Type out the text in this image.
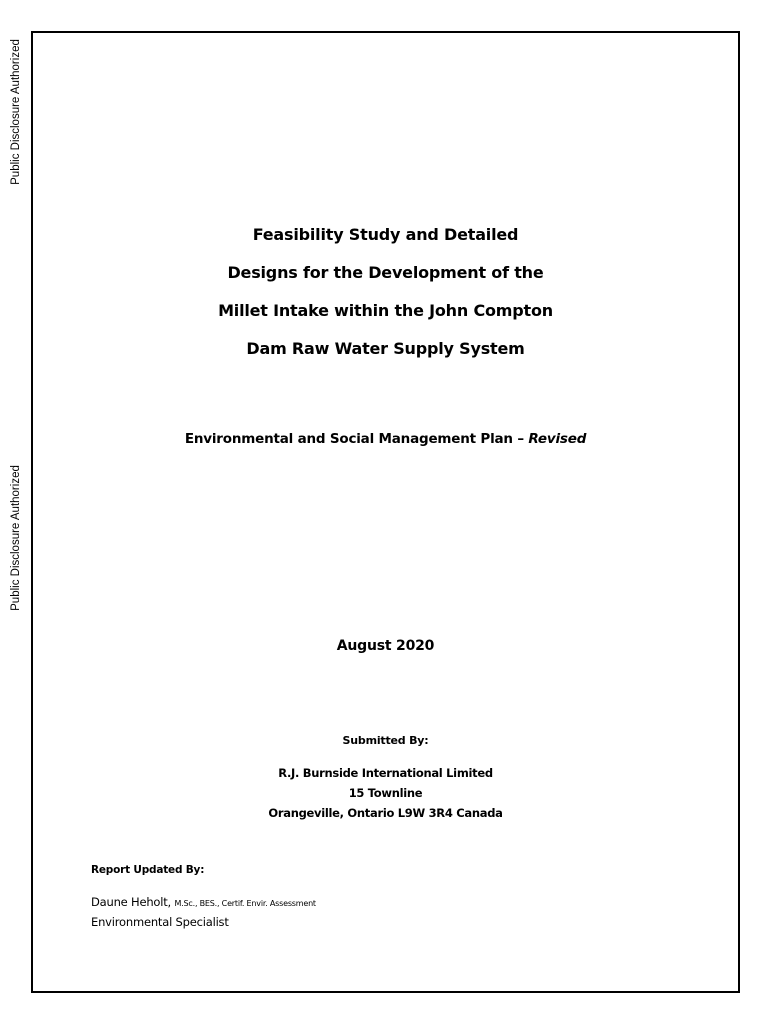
Public Disclosure Authorized
Public Disclosure Authorized
Feasibility Study and Detailed
Designs for the Development of the
Millet Intake within the John Compton
Dam Raw Water Supply System
Environmental and Social Management Plan – Revised
August 2020
Submitted By:
R.J. Burnside International Limited
15 Townline
Orangeville, Ontario L9W 3R4 Canada
Report Updated By:
Daune Heholt, M.Sc., BES., Certif. Envir. Assessment
Environmental Specialist
